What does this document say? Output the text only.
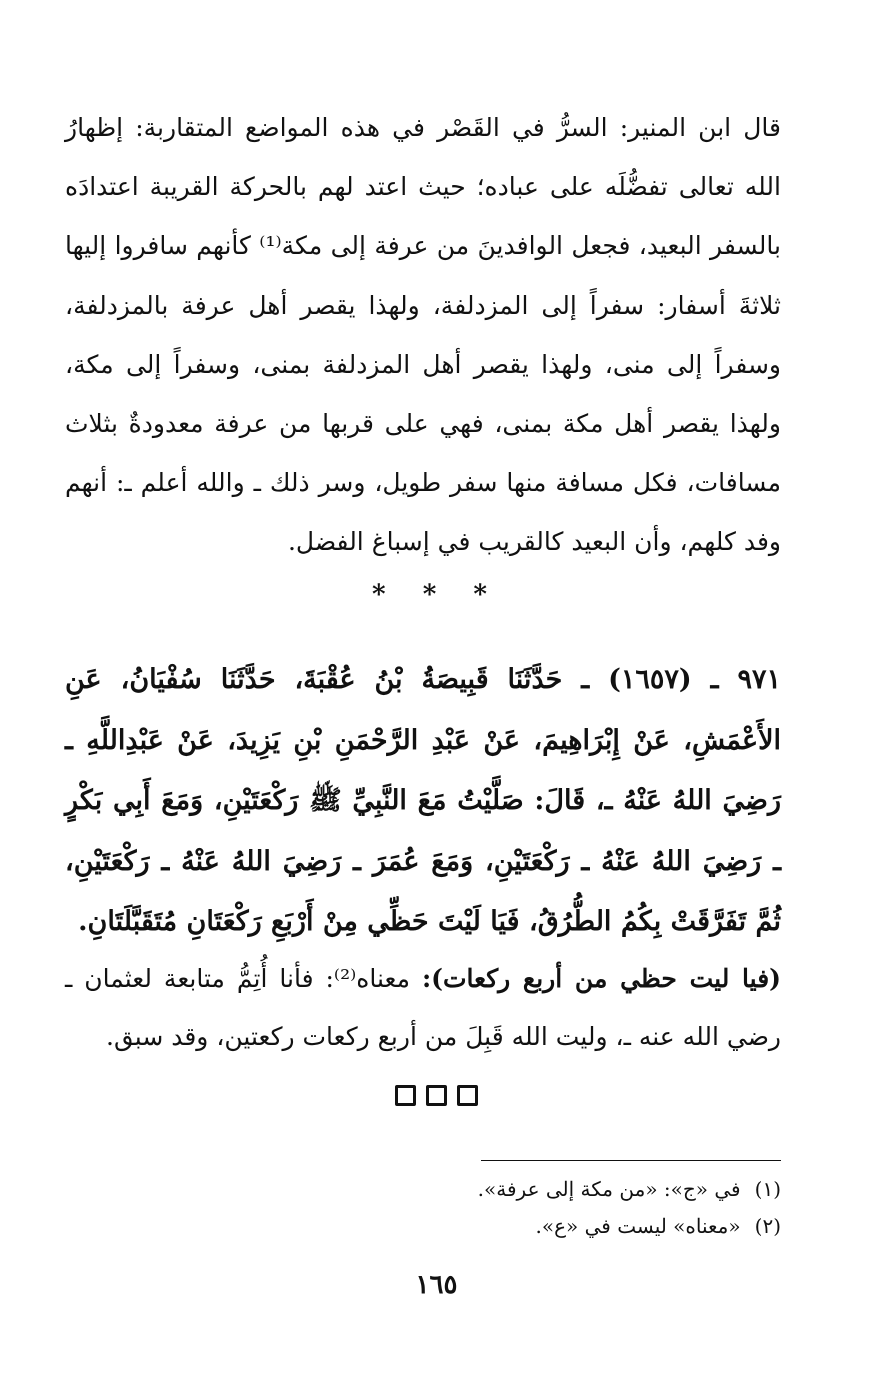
قال ابن المنير: السرُّ في القَصْر في هذه المواضع المتقاربة: إظهارُ الله تعالى تفضُّلَه على عباده؛ حيث اعتد لهم بالحركة القريبة اعتدادَه بالسفر البعيد، فجعل الوافدينَ من عرفة إلى مكة⁽¹⁾ كأنهم سافروا إليها ثلاثةَ أسفار: سفراً إلى المزدلفة، ولهذا يقصر أهل عرفة بالمزدلفة، وسفراً إلى منى، ولهذا يقصر أهل المزدلفة بمنى، وسفراً إلى مكة، ولهذا يقصر أهل مكة بمنى، فهي على قربها من عرفة معدودةٌ بثلاث مسافات، فكل مسافة منها سفر طويل، وسر ذلك ـ والله أعلم ـ: أنهم وفد كلهم، وأن البعيد كالقريب في إسباغ الفضل.

* * *

٩٧١ ـ (١٦٥٧) ـ حَدَّثَنَا قَبِيصَةُ بْنُ عُقْبَةَ، حَدَّثَنَا سُفْيَانُ، عَنِ الأَعْمَشِ، عَنْ إِبْرَاهِيمَ، عَنْ عَبْدِ الرَّحْمَنِ بْنِ يَزِيدَ، عَنْ عَبْدِاللَّهِ ـ رَضِيَ اللهُ عَنْهُ ـ، قَالَ: صَلَّيْتُ مَعَ النَّبِيِّ ﷺ رَكْعَتَيْنِ، وَمَعَ أَبِي بَكْرٍ ـ رَضِيَ اللهُ عَنْهُ ـ رَكْعَتَيْنِ، وَمَعَ عُمَرَ ـ رَضِيَ اللهُ عَنْهُ ـ رَكْعَتَيْنِ، ثُمَّ تَفَرَّقَتْ بِكُمُ الطُّرُقُ، فَيَا لَيْتَ حَظِّي مِنْ أَرْبَعِ رَكْعَتَانِ مُتَقَبَّلَتَانِ.

(فيا ليت حظي من أربع ركعات): معناه⁽²⁾: فأنا أُتِمُّ متابعة لعثمان ـ رضي الله عنه ـ، وليت الله قَبِلَ من أربع ركعات ركعتين، وقد سبق.

(١)في «ج»: «من مكة إلى عرفة».
(٢)«معناه» ليست في «ع».
١٦٥
